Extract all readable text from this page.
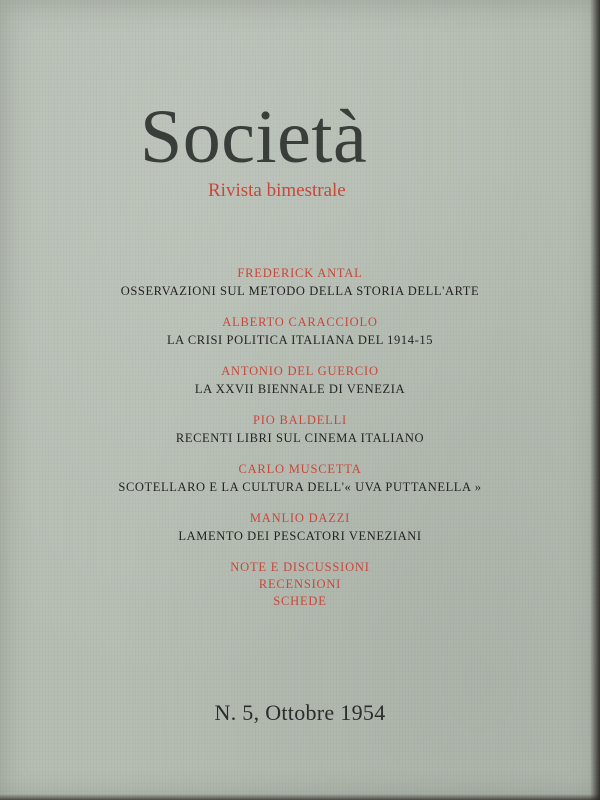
Società
Rivista bimestrale
FREDERICK ANTAL
OSSERVAZIONI SUL METODO DELLA STORIA DELL'ARTE
ALBERTO CARACCIOLO
LA CRISI POLITICA ITALIANA DEL 1914-15
ANTONIO DEL GUERCIO
LA XXVII BIENNALE DI VENEZIA
PIO BALDELLI
RECENTI LIBRI SUL CINEMA ITALIANO
CARLO MUSCETTA
SCOTELLARO E LA CULTURA DELL'« UVA PUTTANELLA »
MANLIO DAZZI
LAMENTO DEI PESCATORI VENEZIANI
NOTE E DISCUSSIONI
RECENSIONI
SCHEDE
N. 5, Ottobre 1954
